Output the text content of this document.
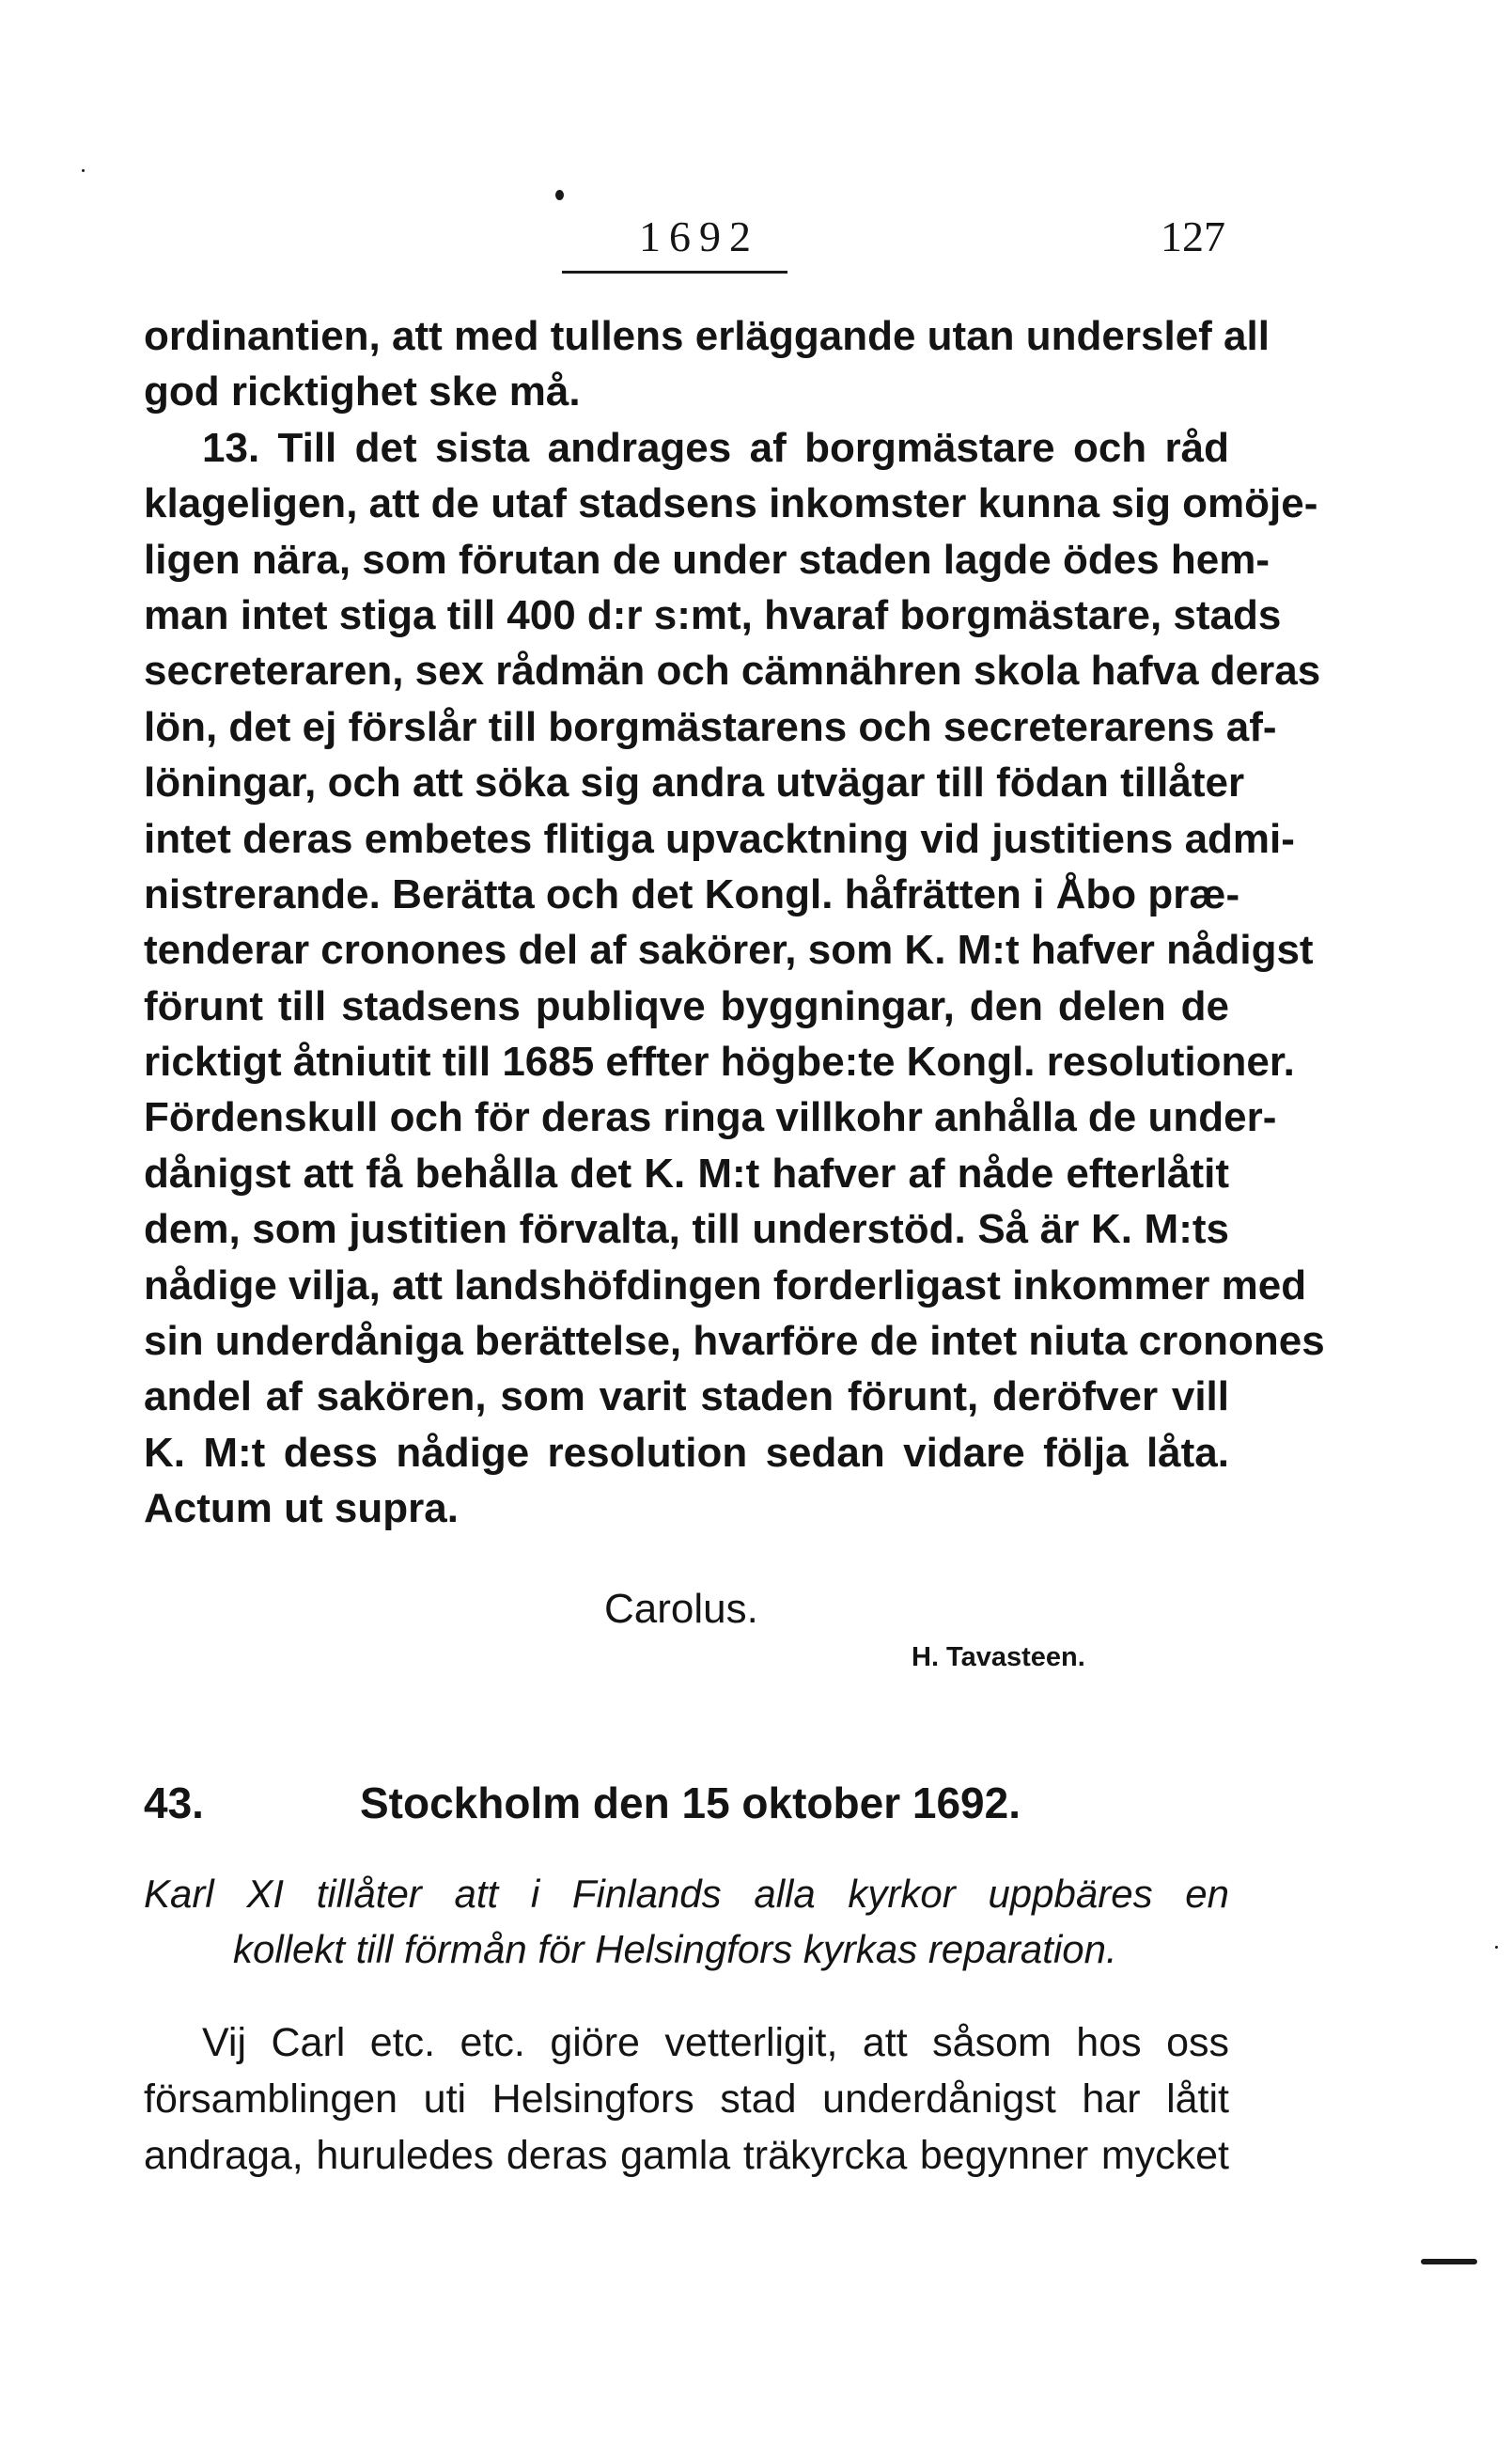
1692	127
ordinantien, att med tullens erläggande utan underslef all
god ricktighet ske må.
13. Till det sista andrages af borgmästare och råd
klageligen, att de utaf stadsens inkomster kunna sig omöje-
ligen nära, som förutan de under staden lagde ödes hem-
man intet stiga till 400 d:r s:mt, hvaraf borgmästare, stads
secreteraren, sex rådmän och cämnähren skola hafva deras
lön, det ej förslår till borgmästarens och secreterarens af-
löningar, och att söka sig andra utvägar till födan tillåter
intet deras embetes flitiga upvacktning vid justitiens admi-
nistrerande. Berätta och det Kongl. håfrätten i Åbo præ-
tenderar cronones del af sakörer, som K. M:t hafver nådigst
förunt till stadsens publiqve byggningar, den delen de
ricktigt åtniutit till 1685 effter högbe:te Kongl. resolutioner.
Fördenskull och för deras ringa villkohr anhålla de under-
dånigst att få behålla det K. M:t hafver af nåde efterlåtit
dem, som justitien förvalta, till understöd. Så är K. M:ts
nådige vilja, att landshöfdingen forderligast inkommer med
sin underdåniga berättelse, hvarföre de intet niuta cronones
andel af sakören, som varit staden förunt, deröfver vill
K. M:t dess nådige resolution sedan vidare följa låta.
Actum ut supra.
Carolus.
H. Tavasteen.
43.	Stockholm den 15 oktober 1692.
Karl XI tillåter att i Finlands alla kyrkor uppbäres en
kollekt till förmån för Helsingfors kyrkas reparation.
Vij Carl etc. etc. giöre vetterligit, att såsom hos oss
församblingen uti Helsingfors stad underdånigst har låtit
andraga, huruledes deras gamla träkyrcka begynner mycket
